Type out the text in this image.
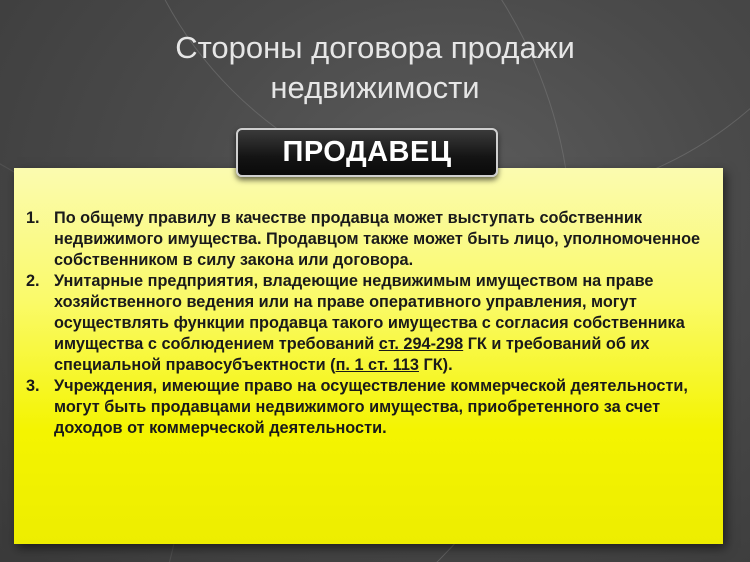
Стороны договора продажи
недвижимости
1. По общему правилу в качестве продавца может выступать собственник недвижимого имущества. Продавцом также может быть лицо, уполномоченное собственником в силу закона или договора.
2. Унитарные предприятия, владеющие недвижимым имуществом на праве хозяйственного ведения или на праве оперативного управления, могут осуществлять функции продавца такого имущества с согласия собственника имущества с соблюдением требований ст. 294-298 ГК и требований об их специальной правосубъектности (п. 1 ст. 113 ГК).
3. Учреждения, имеющие право на осуществление коммерческой деятельности, могут быть продавцами недвижимого имущества, приобретенного за счет доходов от коммерческой деятельности.
ПРОДАВЕЦ
